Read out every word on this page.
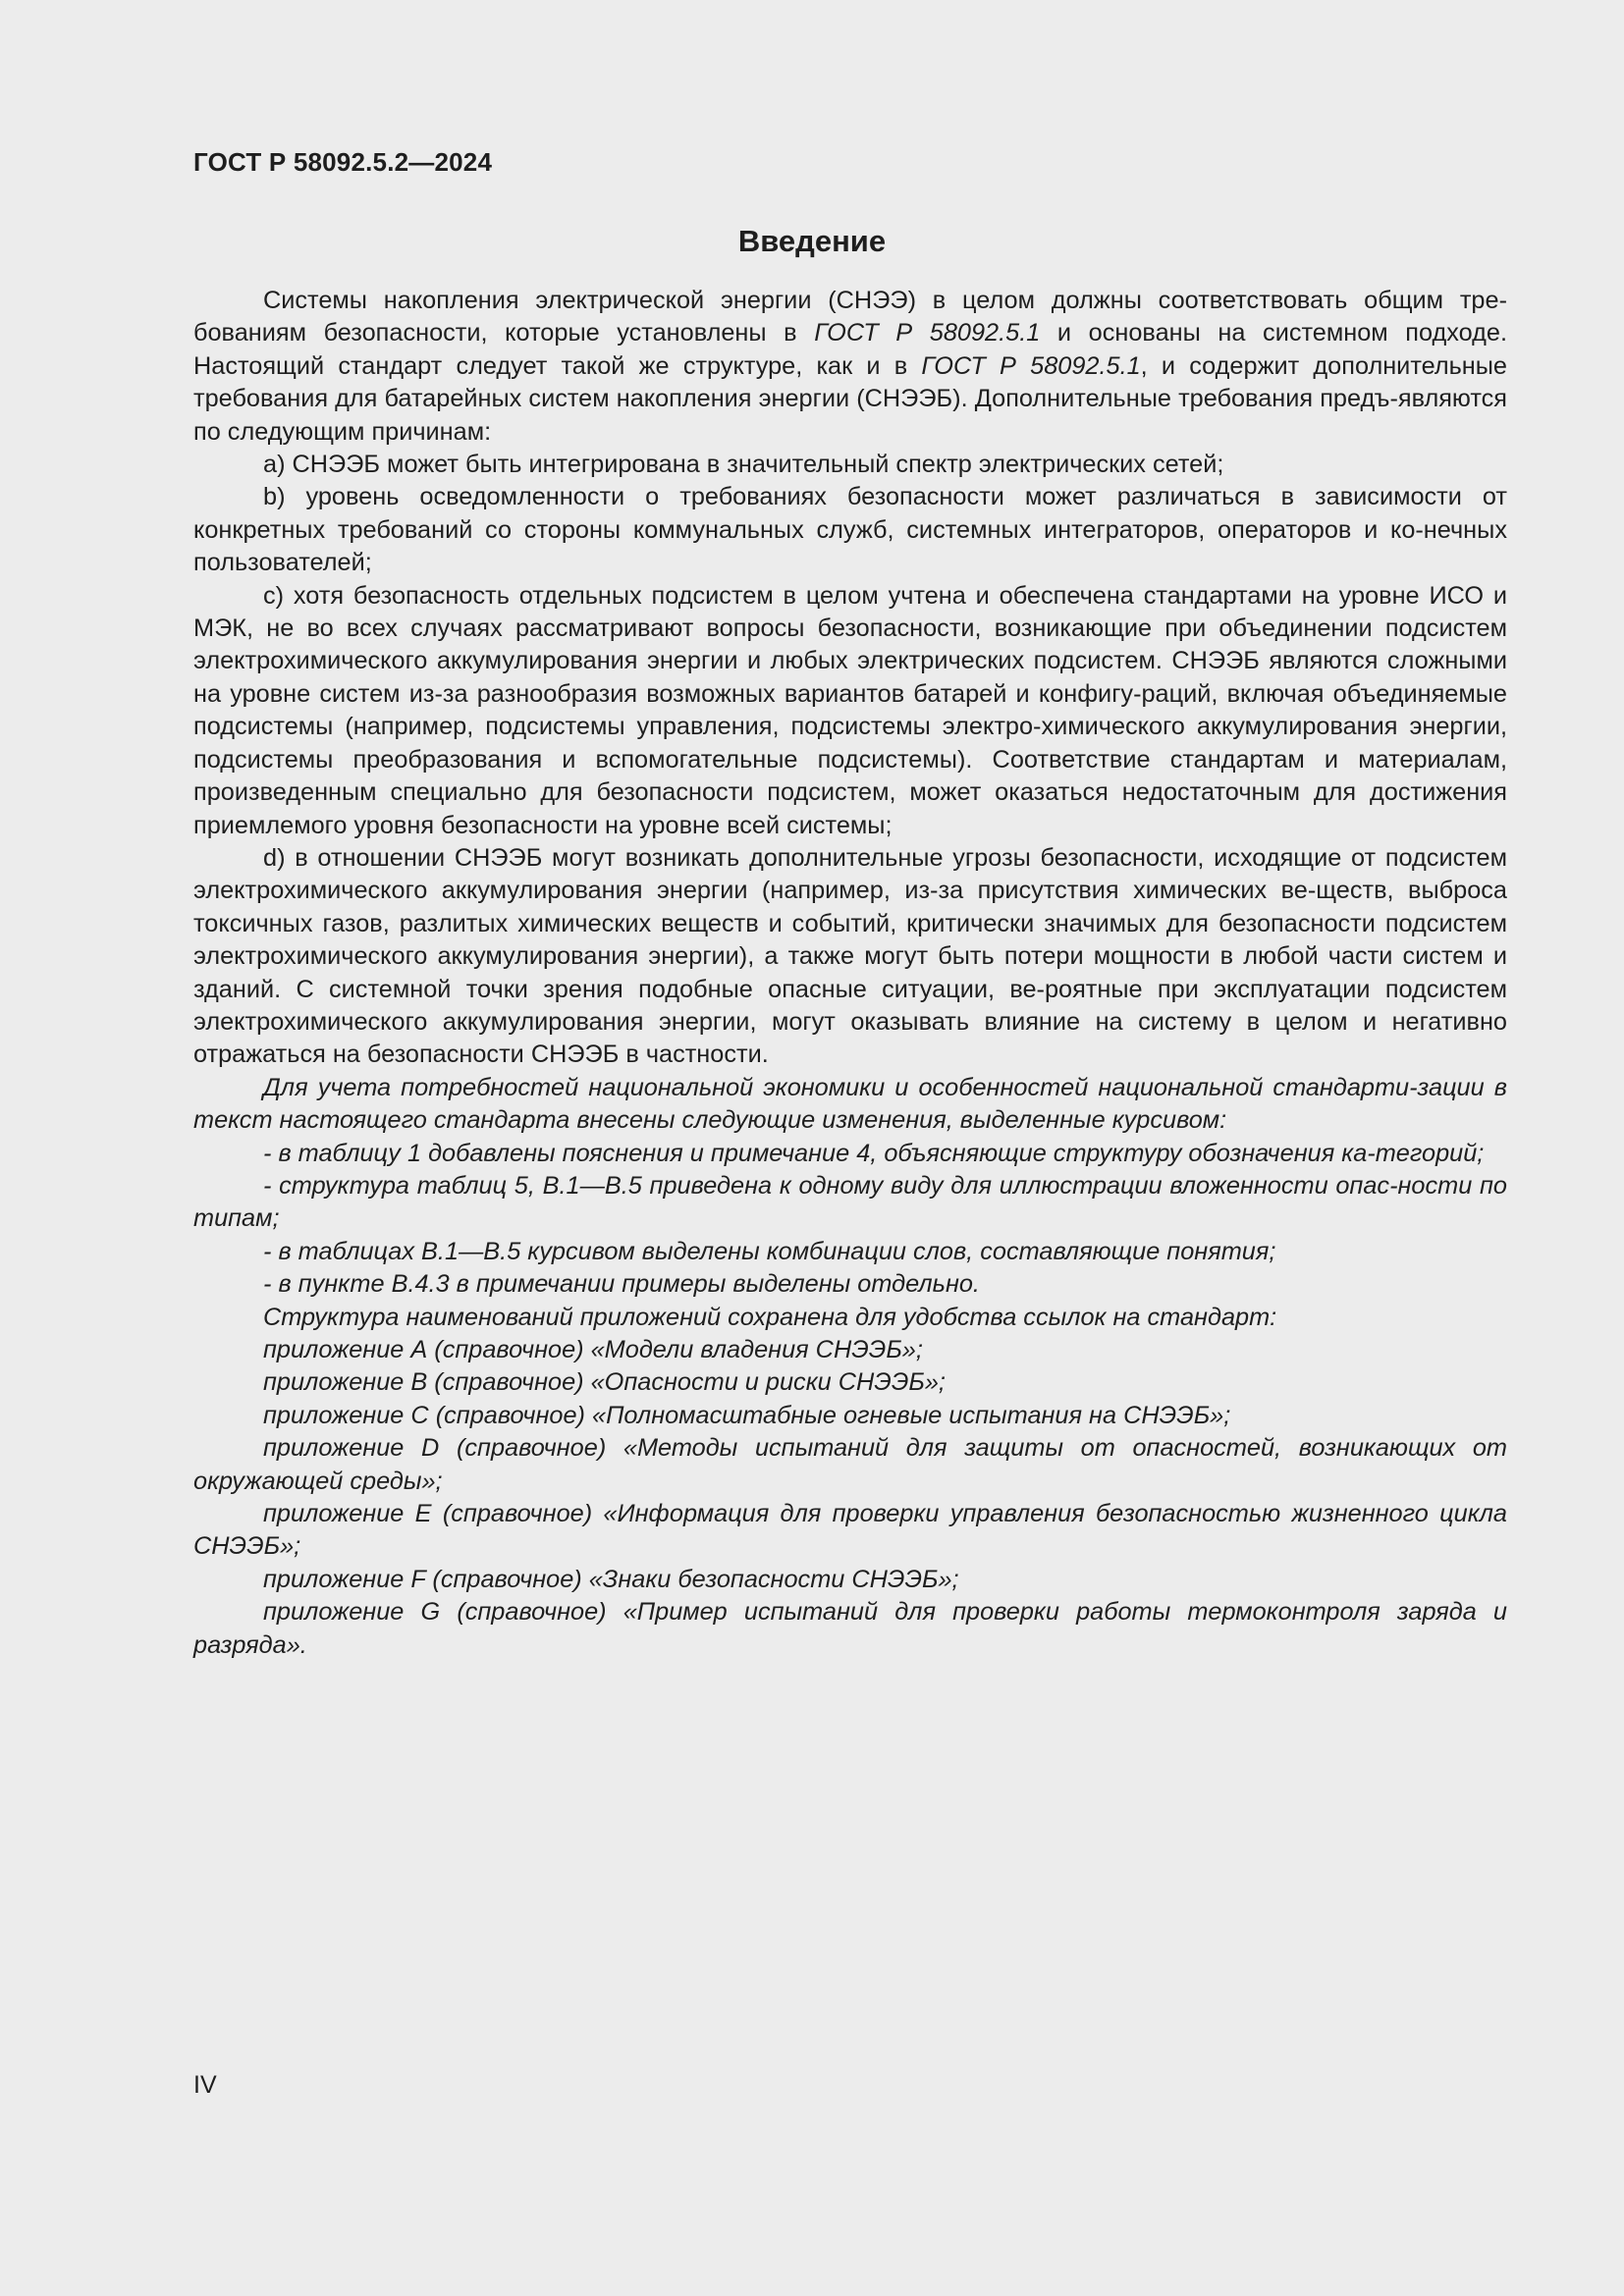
ГОСТ Р 58092.5.2—2024
Введение

Системы накопления электрической энергии (СНЭЭ) в целом должны соответствовать общим тре-бованиям безопасности, которые установлены в ГОСТ Р 58092.5.1 и основаны на системном подходе. Настоящий стандарт следует такой же структуре, как и в ГОСТ Р 58092.5.1, и содержит дополнительные требования для батарейных систем накопления энергии (СНЭЭБ). Дополнительные требования предъ-являются по следующим причинам:

a) СНЭЭБ может быть интегрирована в значительный спектр электрических сетей;

b) уровень осведомленности о требованиях безопасности может различаться в зависимости от конкретных требований со стороны коммунальных служб, системных интеграторов, операторов и ко-нечных пользователей;

c) хотя безопасность отдельных подсистем в целом учтена и обеспечена стандартами на уровне ИСО и МЭК, не во всех случаях рассматривают вопросы безопасности, возникающие при объединении подсистем электрохимического аккумулирования энергии и любых электрических подсистем. СНЭЭБ являются сложными на уровне систем из-за разнообразия возможных вариантов батарей и конфигу-раций, включая объединяемые подсистемы (например, подсистемы управления, подсистемы электро-химического аккумулирования энергии, подсистемы преобразования и вспомогательные подсистемы). Соответствие стандартам и материалам, произведенным специально для безопасности подсистем, может оказаться недостаточным для достижения приемлемого уровня безопасности на уровне всей системы;

d) в отношении СНЭЭБ могут возникать дополнительные угрозы безопасности, исходящие от подсистем электрохимического аккумулирования энергии (например, из-за присутствия химических ве-ществ, выброса токсичных газов, разлитых химических веществ и событий, критически значимых для безопасности подсистем электрохимического аккумулирования энергии), а также могут быть потери мощности в любой части систем и зданий. С системной точки зрения подобные опасные ситуации, ве-роятные при эксплуатации подсистем электрохимического аккумулирования энергии, могут оказывать влияние на систему в целом и негативно отражаться на безопасности СНЭЭБ в частности.

Для учета потребностей национальной экономики и особенностей национальной стандарти-зации в текст настоящего стандарта внесены следующие изменения, выделенные курсивом:

- в таблицу 1 добавлены пояснения и примечание 4, объясняющие структуру обозначения ка-тегорий;

- структура таблиц 5, В.1—В.5 приведена к одному виду для иллюстрации вложенности опас-ности по типам;

- в таблицах В.1—В.5 курсивом выделены комбинации слов, составляющие понятия;

- в пункте В.4.3 в примечании примеры выделены отдельно.

Структура наименований приложений сохранена для удобства ссылок на стандарт:

приложение А (справочное) «Модели владения СНЭЭБ»;

приложение В (справочное) «Опасности и риски СНЭЭБ»;

приложение С (справочное) «Полномасштабные огневые испытания на СНЭЭБ»;

приложение D (справочное) «Методы испытаний для защиты от опасностей, возникающих от окружающей среды»;

приложение Е (справочное) «Информация для проверки управления безопасностью жизненного цикла СНЭЭБ»;

приложение F (справочное) «Знаки безопасности СНЭЭБ»;

приложение G (справочное) «Пример испытаний для проверки работы термоконтроля заряда и разряда».

IV
